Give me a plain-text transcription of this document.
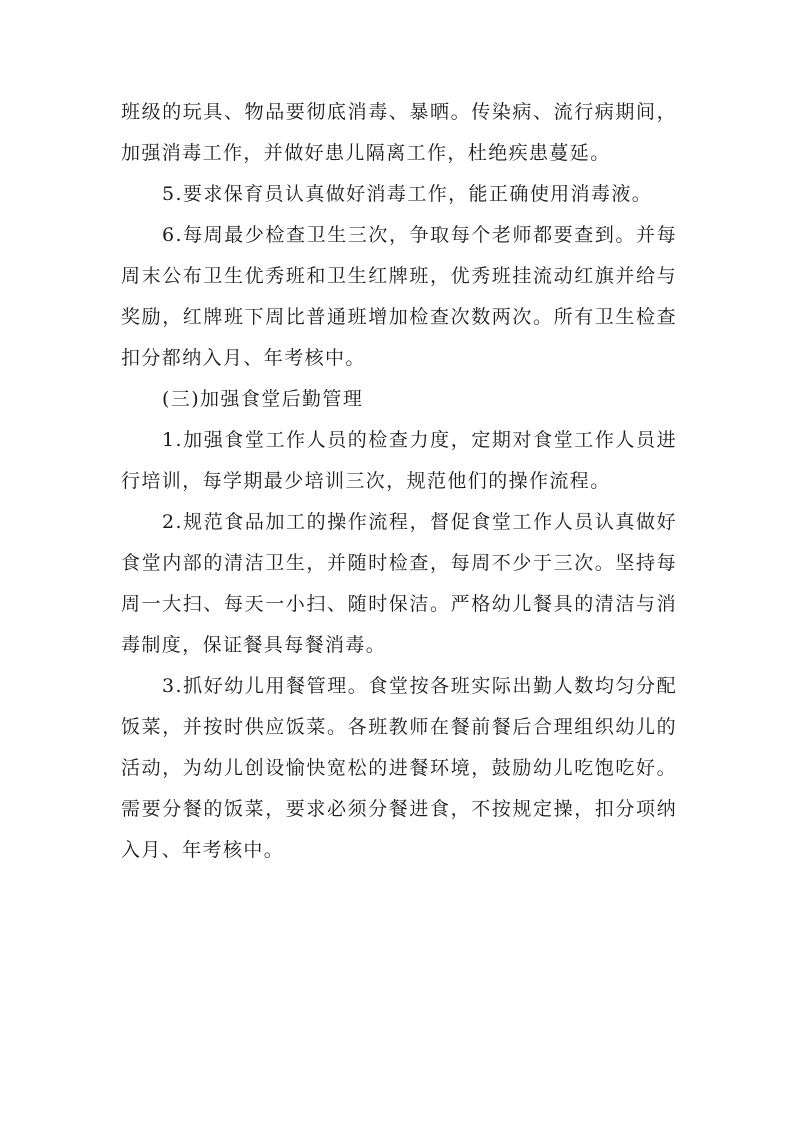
班级的玩具、物品要彻底消毒、暴晒。传染病、流行病期间，加强消毒工作，并做好患儿隔离工作，杜绝疾患蔓延。

5.要求保育员认真做好消毒工作，能正确使用消毒液。

6.每周最少检查卫生三次，争取每个老师都要查到。并每周末公布卫生优秀班和卫生红牌班，优秀班挂流动红旗并给与奖励，红牌班下周比普通班增加检查次数两次。所有卫生检查扣分都纳入月、年考核中。

(三)加强食堂后勤管理

1.加强食堂工作人员的检查力度，定期对食堂工作人员进行培训，每学期最少培训三次，规范他们的操作流程。

2.规范食品加工的操作流程，督促食堂工作人员认真做好食堂内部的清洁卫生，并随时检查，每周不少于三次。坚持每周一大扫、每天一小扫、随时保洁。严格幼儿餐具的清洁与消毒制度，保证餐具每餐消毒。

3.抓好幼儿用餐管理。食堂按各班实际出勤人数均匀分配饭菜，并按时供应饭菜。各班教师在餐前餐后合理组织幼儿的活动，为幼儿创设愉快宽松的进餐环境，鼓励幼儿吃饱吃好。需要分餐的饭菜，要求必须分餐进食，不按规定操，扣分项纳入月、年考核中。
